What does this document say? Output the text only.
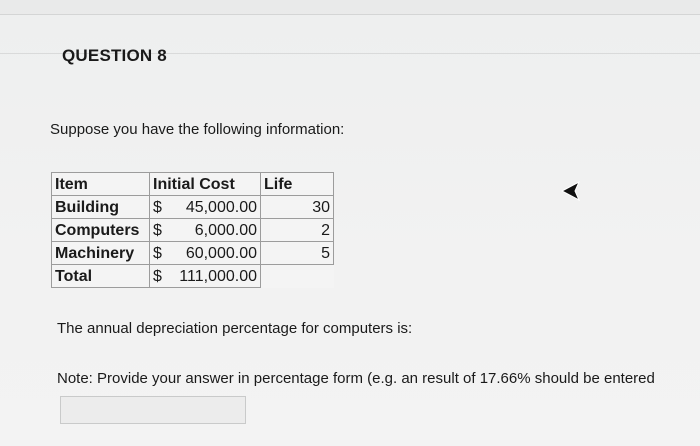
QUESTION 8
Suppose you have the following information:
Item	Initial Cost	Life
Building	$ 45,000.00	30
Computers	$ 6,000.00	2
Machinery	$ 60,000.00	5
Total	$ 111,000.00	

The annual depreciation percentage for computers is:
Note: Provide your answer in percentage form (e.g. an result of 17.66% should be entered
